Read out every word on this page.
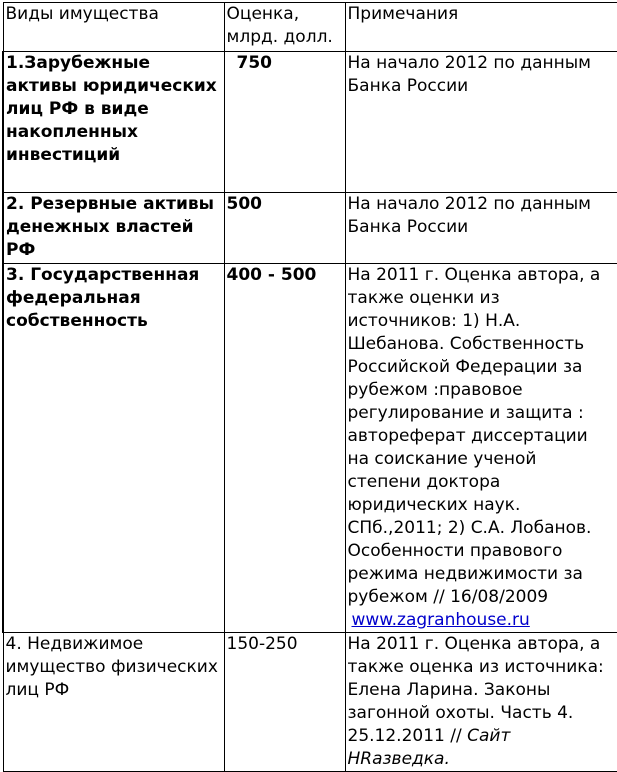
Виды имущества	Оценка, млрд. долл.	Примечания
1.Зарубежные активы юридических лиц РФ в виде накопленных инвестиций	750	На начало 2012 по данным Банка России
2. Резервные активы денежных властей РФ	500	На начало 2012 по данным Банка России
3. Государственная федеральная собственность	400 - 500	На 2011 г. Оценка автора, а также оценки из источников: 1) Н.А. Шебанова. Собственность Российской Федерации за рубежом :правовое регулирование и защита : автореферат диссертации на соискание ученой степени доктора юридических наук. СПб.,2011; 2) С.А. Лобанов. Особенности правового режима недвижимости за рубежом // 16/08/2009
www.zagranhouse.ru
4. Недвижимое имущество физических лиц РФ	150-250	На 2011 г. Оценка автора, а также оценка из источника: Елена Ларина. Законы загонной охоты. Часть 4. 25.12.2011 // Сайт НRазведка.
